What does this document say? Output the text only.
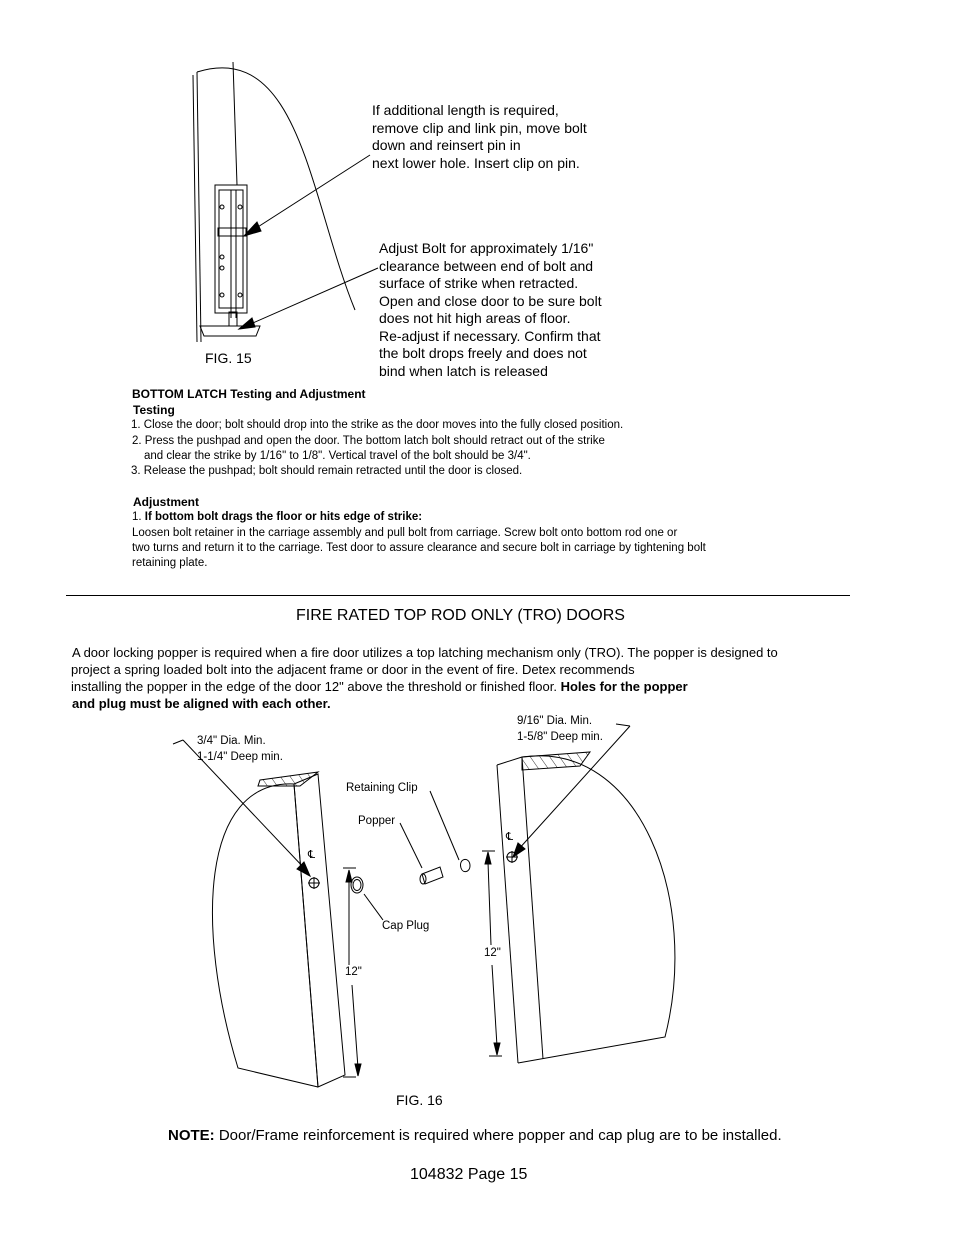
If additional length is required,
remove clip and link pin, move bolt
down and reinsert pin in
next lower hole. Insert clip on pin.
Adjust Bolt for approximately 1/16"
clearance between end of bolt and
surface of strike when retracted.
Open and close door to be sure bolt
does not hit high areas of floor.
Re-adjust if necessary. Confirm that
the bolt drops freely and does not
bind when latch is released
FIG. 15
BOTTOM LATCH Testing and Adjustment
Testing
1. Close the door; bolt should drop into the strike as the door moves into the fully closed position.
2. Press the pushpad and open the door. The bottom latch bolt should retract out of the strike
and clear the strike by 1/16" to 1/8". Vertical travel of the bolt should be 3/4".
3. Release the pushpad; bolt should remain retracted until the door is closed.
Adjustment
1. If bottom bolt drags the floor or hits edge of strike:
Loosen bolt retainer in the carriage assembly and pull bolt from carriage. Screw bolt onto bottom rod one or
two turns and return it to the carriage. Test door to assure clearance and secure bolt in carriage by tightening bolt
retaining plate.
FIRE RATED TOP ROD ONLY (TRO) DOORS
A door locking popper is required when a fire door utilizes a top latching mechanism only (TRO). The popper is designed to
project a spring loaded bolt into the adjacent frame or door in the event of fire. Detex recommends
installing the popper in the edge of the door 12" above the threshold or finished floor. Holes for the popper
and plug must be aligned with each other.
3/4" Dia. Min.
1-1/4" Deep min.
9/16" Dia. Min.
1-5/8" Deep min.
Retaining Clip
Popper
Cap Plug
12"
12"
℄
℄
FIG. 16
NOTE: Door/Frame reinforcement is required where popper and cap plug are to be installed.
104832 Page 15
